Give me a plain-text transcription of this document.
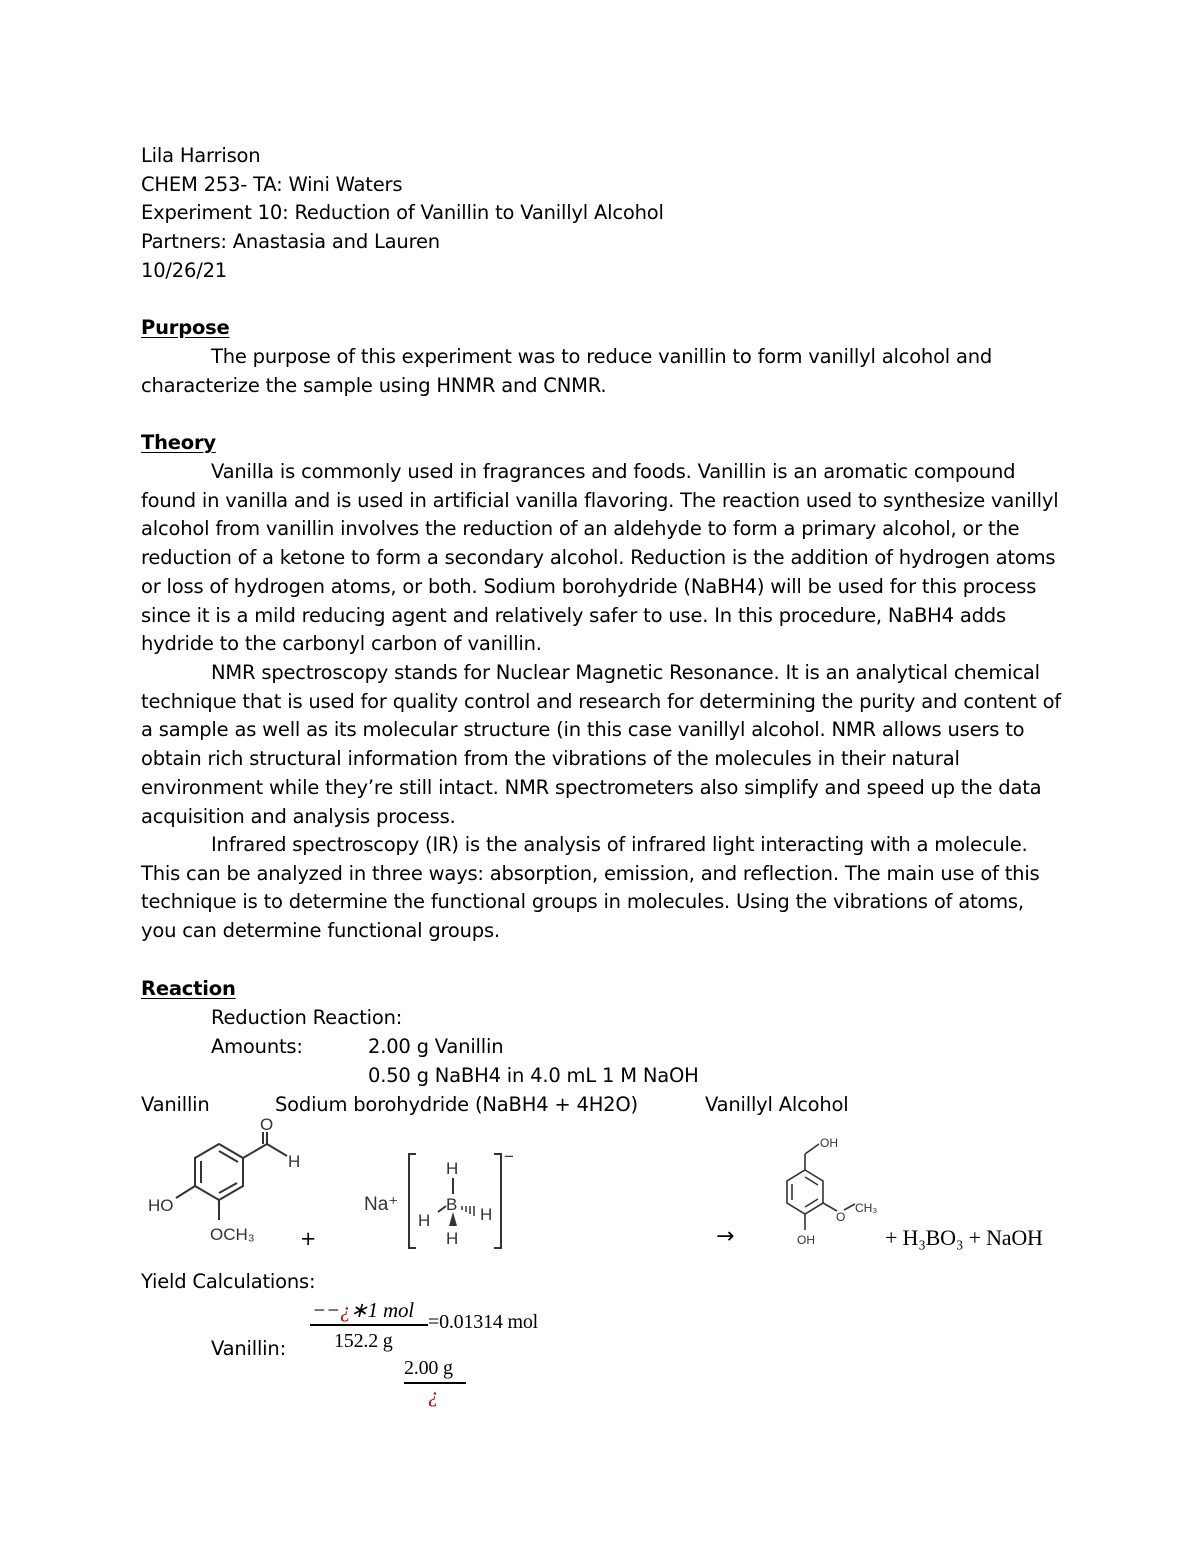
Lila Harrison
CHEM 253- TA: Wini Waters
Experiment 10: Reduction of Vanillin to Vanillyl Alcohol
Partners: Anastasia and Lauren
10/26/21
Purpose
The purpose of this experiment was to reduce vanillin to form vanillyl alcohol and
characterize the sample using HNMR and CNMR.
Theory
Vanilla is commonly used in fragrances and foods. Vanillin is an aromatic compound
found in vanilla and is used in artificial vanilla flavoring. The reaction used to synthesize vanillyl
alcohol from vanillin involves the reduction of an aldehyde to form a primary alcohol, or the
reduction of a ketone to form a secondary alcohol. Reduction is the addition of hydrogen atoms
or loss of hydrogen atoms, or both. Sodium borohydride (NaBH4) will be used for this process
since it is a mild reducing agent and relatively safer to use. In this procedure, NaBH4 adds
hydride to the carbonyl carbon of vanillin.
NMR spectroscopy stands for Nuclear Magnetic Resonance. It is an analytical chemical
technique that is used for quality control and research for determining the purity and content of
a sample as well as its molecular structure (in this case vanillyl alcohol. NMR allows users to
obtain rich structural information from the vibrations of the molecules in their natural
environment while they’re still intact. NMR spectrometers also simplify and speed up the data
acquisition and analysis process.
Infrared spectroscopy (IR) is the analysis of infrared light interacting with a molecule.
This can be analyzed in three ways: absorption, emission, and reflection. The main use of this
technique is to determine the functional groups in molecules. Using the vibrations of atoms,
you can determine functional groups.
Reaction
Reduction Reaction:
Amounts:	2.00 g Vanillin
0.50 g NaBH4 in 4.0 mL 1 M NaOH
Vanillin	Sodium borohydride (NaBH4 + 4H2O)	Vanillyl Alcohol
O
H
HO
OCH₃ +
Na⁺
H
B
H	H
H
−
→
OH
O
CH₃
OH	+ H₃BO₃ + NaOH
Yield Calculations:
Vanillin:
−−¿∗1 mol
152.2 g
=0.01314 mol
2.00 g
¿
